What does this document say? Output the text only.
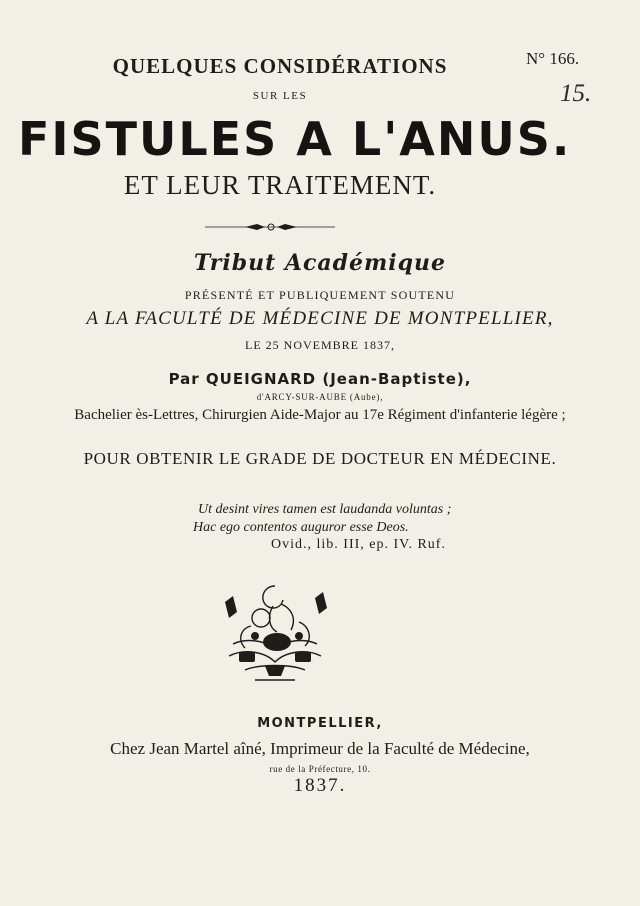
QUELQUES CONSIDÉRATIONS
SUR LES
FISTULES A L'ANUS.
ET LEUR TRAITEMENT.
N° 166.
15.
Tribut Académique
PRÉSENTÉ ET PUBLIQUEMENT SOUTENU
A LA FACULTÉ DE MÉDECINE DE MONTPELLIER,
LE 25 NOVEMBRE 1837,
Par QUEIGNARD (Jean-Baptiste),
d'ARCY-SUR-AUBE (Aube),
Bachelier ès-Lettres, Chirurgien Aide-Major au 17e Régiment d'infanterie légère ;
POUR OBTENIR LE GRADE DE DOCTEUR EN MÉDECINE.
Ut desint vires tamen est laudanda voluntas ;
Hac ego contentos auguror esse Deos.
Ovid., lib. III, ep. IV. Ruf.
MONTPELLIER,
Chez Jean Martel aîné, Imprimeur de la Faculté de Médecine,
rue de la Préfecture, 10.
1837.
